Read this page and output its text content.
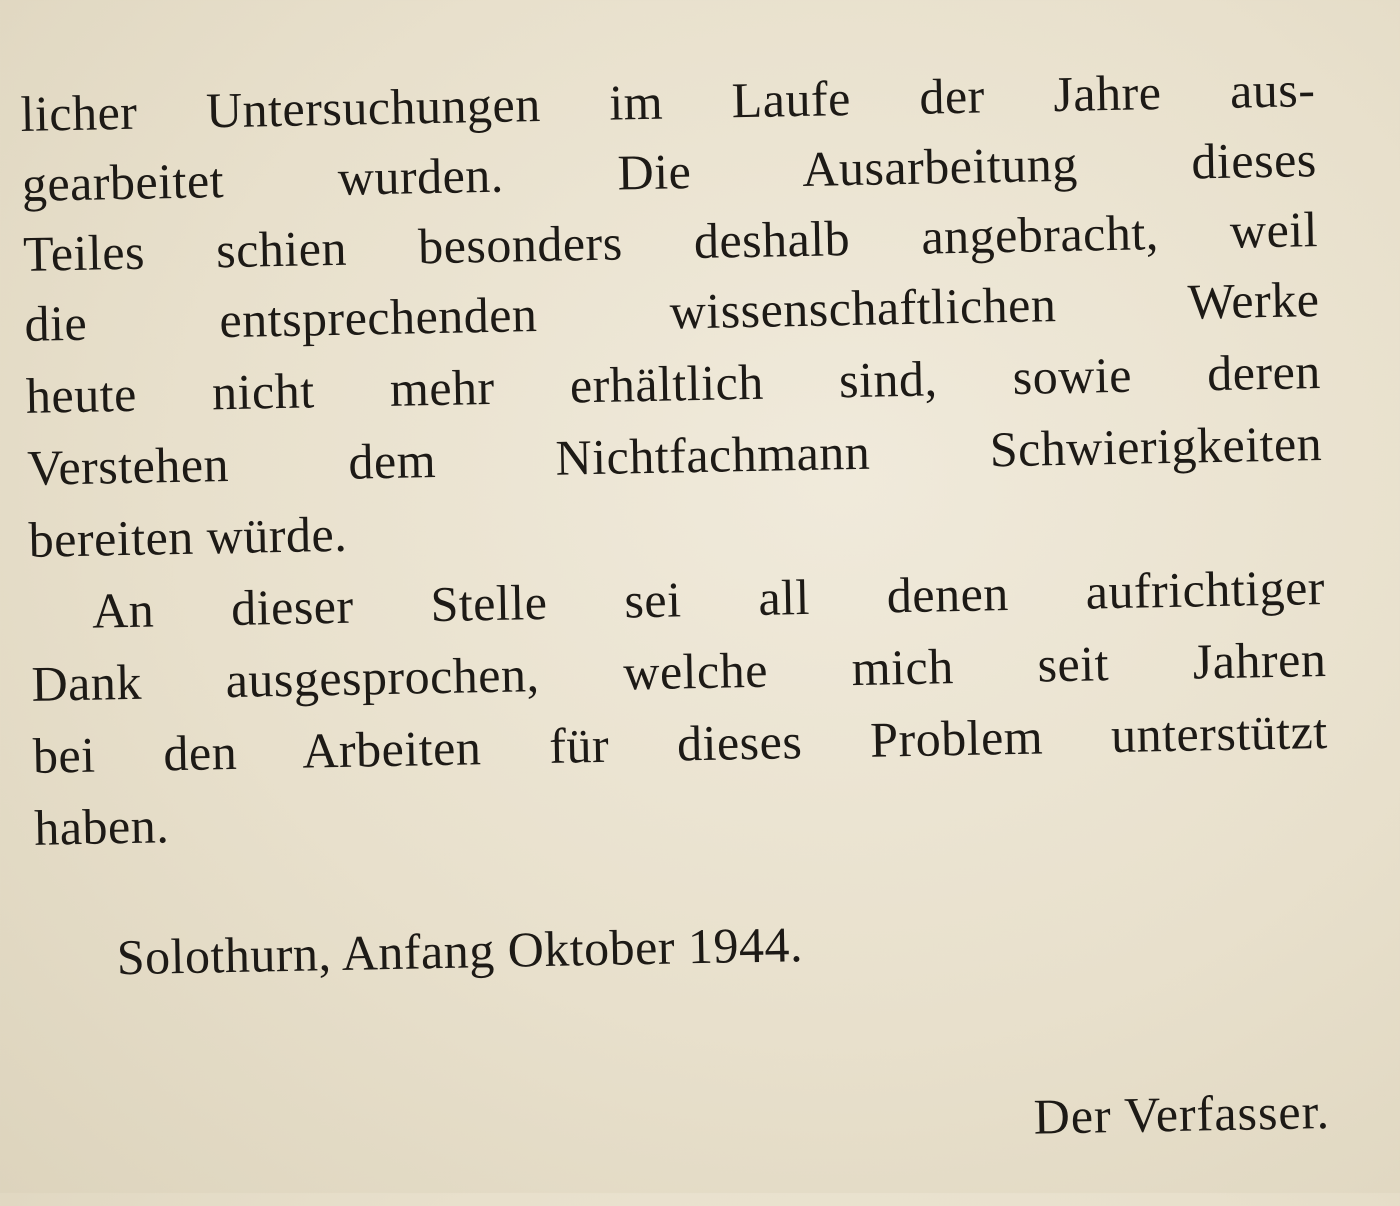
licher Untersuchungen im Laufe der Jahre aus-
gearbeitet wurden. Die Ausarbeitung dieses
Teiles schien besonders deshalb angebracht, weil
die entsprechenden wissenschaftlichen Werke
heute nicht mehr erhältlich sind, sowie deren
Verstehen dem Nichtfachmann Schwierigkeiten
bereiten würde.
An dieser Stelle sei all denen aufrichtiger
Dank ausgesprochen, welche mich seit Jahren
bei den Arbeiten für dieses Problem unterstützt
haben.
Solothurn, Anfang Oktober 1944.
Der Verfasser.
